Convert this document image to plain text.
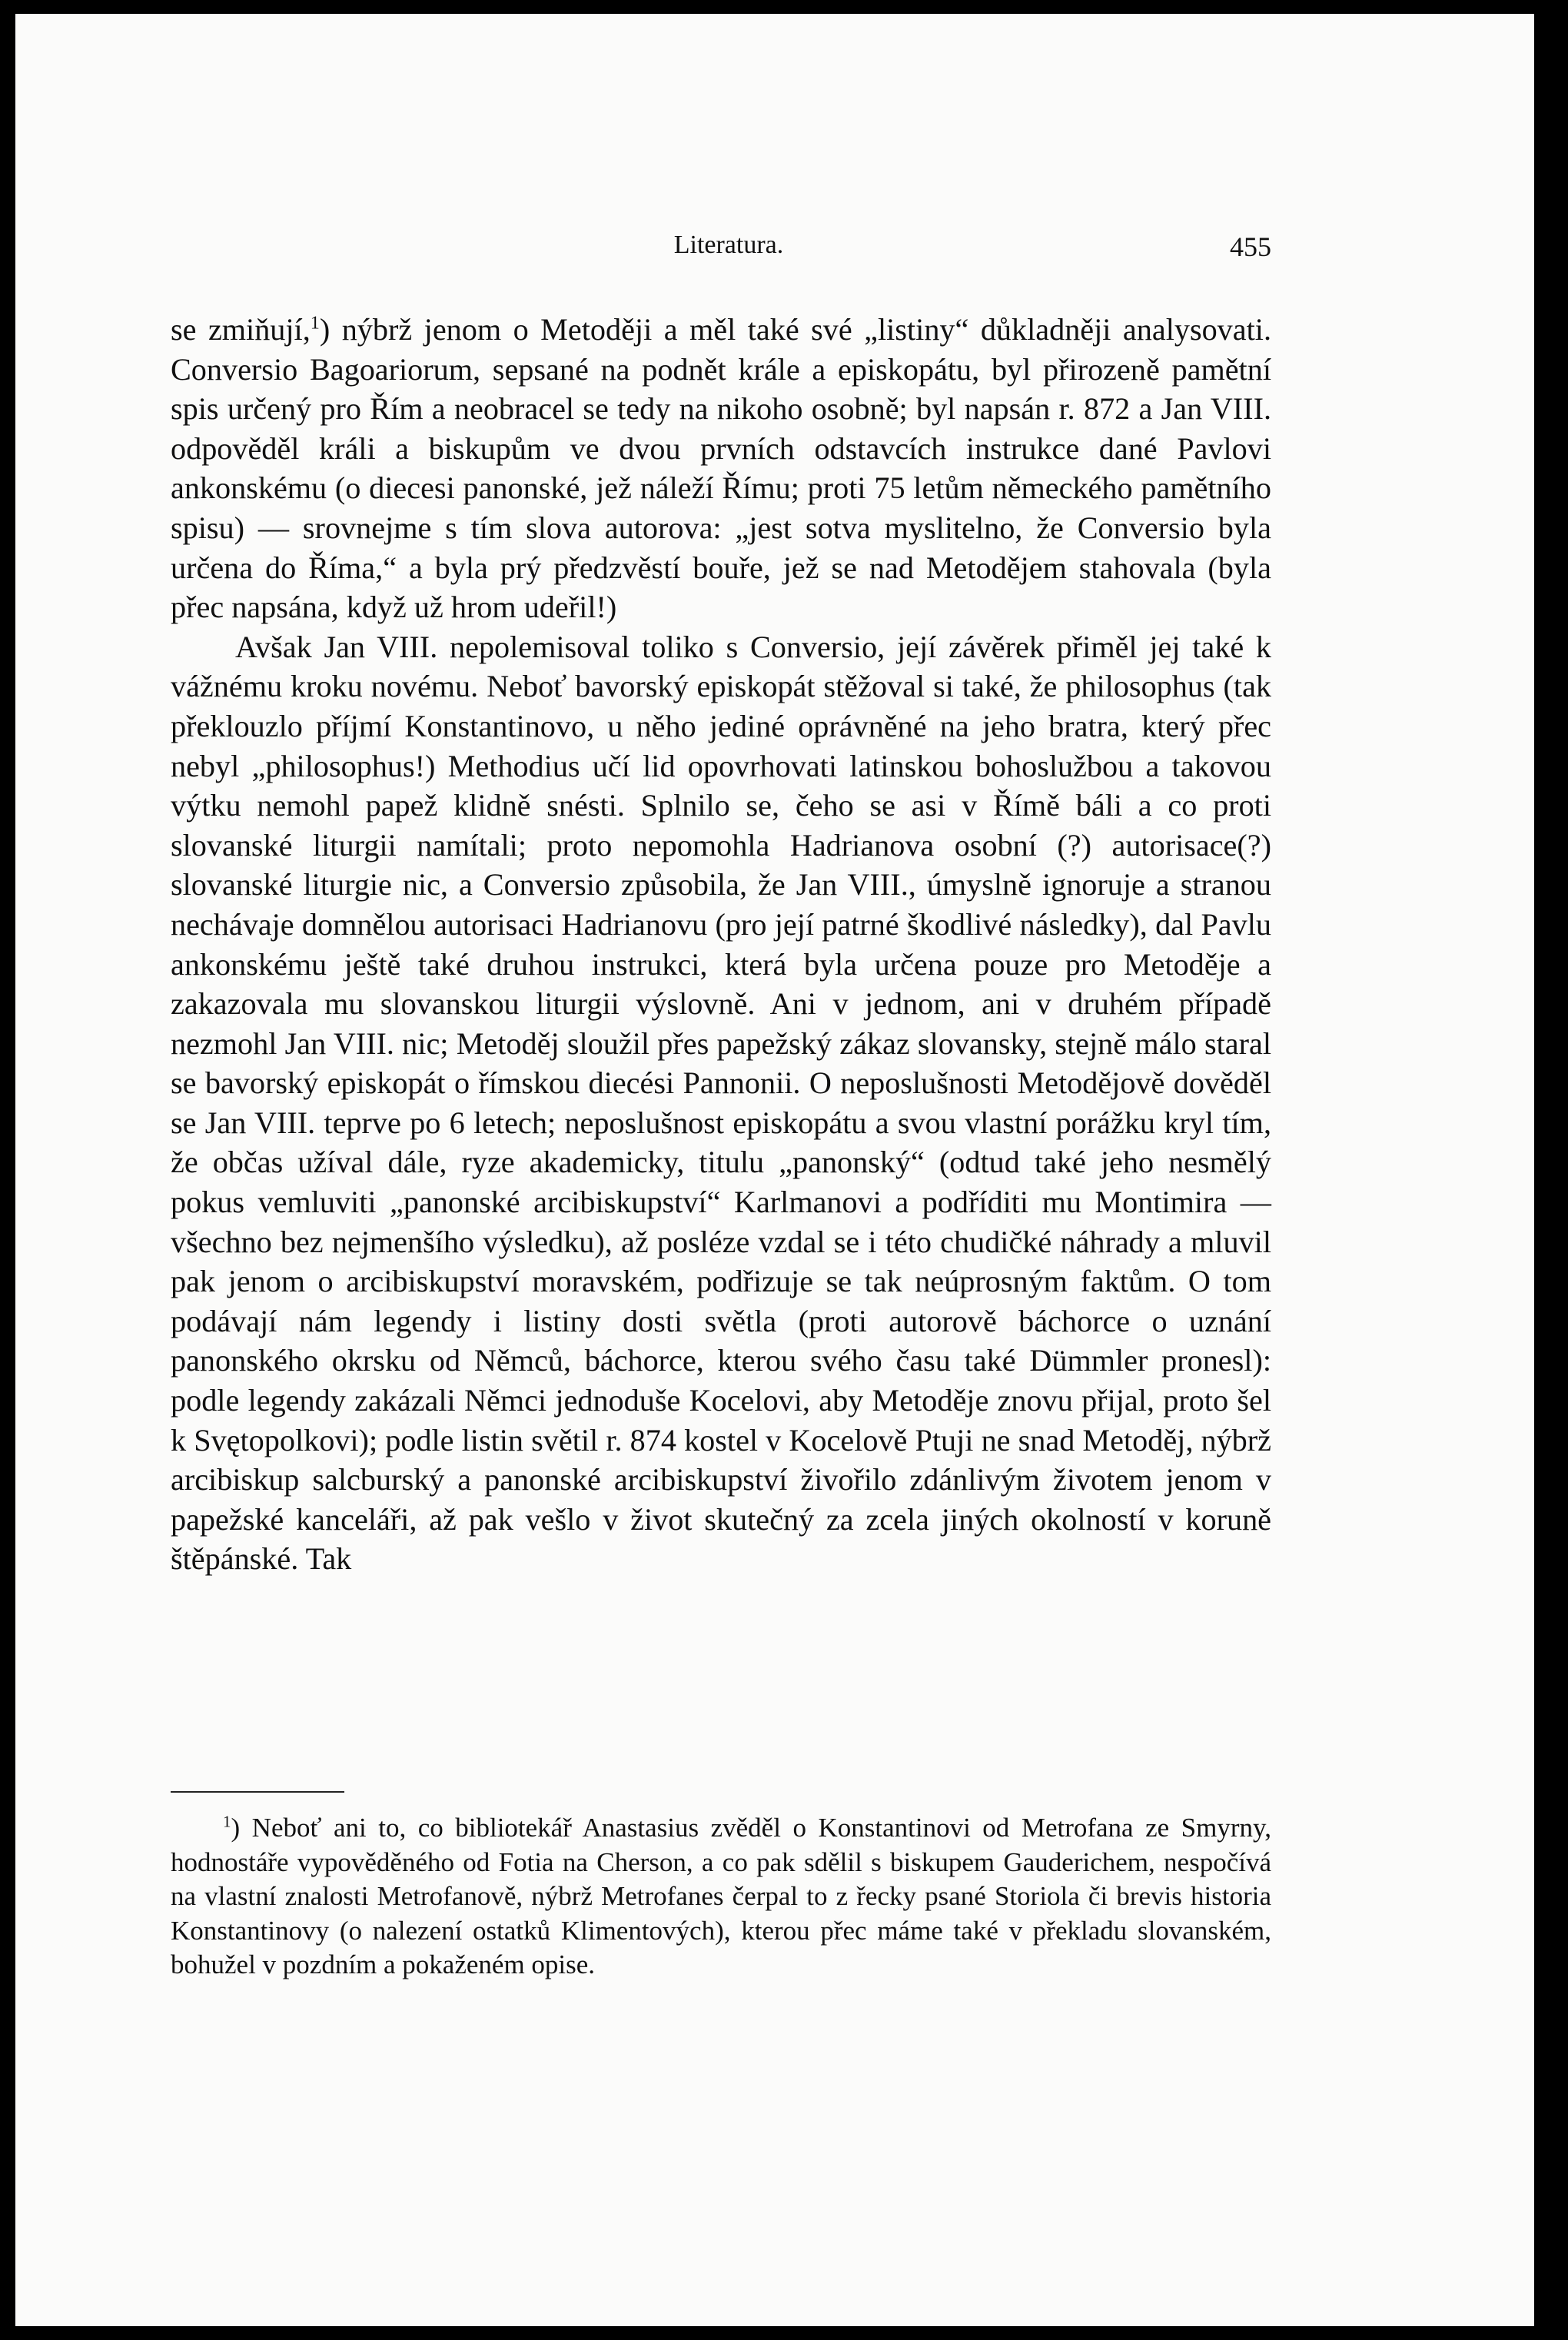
Literatura.	455

se zmiňují,$^1$) nýbrž jenom o Metoději a měl také své „listiny“ důkladněji analysovati. Conversio Bagoariorum, sepsané na podnět krále a episkopátu, byl přirozeně pamětní spis určený pro Řím a neobracel se tedy na nikoho osobně; byl napsán r. 872 a Jan VIII. odpověděl králi a biskupům ve dvou prvních odstavcích instrukce dané Pavlovi ankonskému (o diecesi panonské, jež náleží Římu; proti 75 letům německého pamětního spisu) — srovnejme s tím slova autorova: „jest sotva myslitelno, že Conversio byla určena do Říma,“ a byla prý předzvěstí bouře, jež se nad Metodějem stahovala (byla přec napsána, když už hrom udeřil!)

Avšak Jan VIII. nepolemisoval toliko s Conversio, její závěrek přiměl jej také k vážnému kroku novému. Neboť bavorský episkopát stěžoval si také, že philosophus (tak překlouzlo příjmí Konstantinovo, u něho jediné oprávněné na jeho bratra, který přec nebyl „philosophus!) Methodius učí lid opovrhovati latinskou bohoslužbou a takovou výtku nemohl papež klidně snésti. Splnilo se, čeho se asi v Římě báli a co proti slovanské liturgii namítali; proto nepomohla Hadrianova osobní (?) autorisace(?) slovanské liturgie nic, a Conversio způsobila, že Jan VIII., úmyslně ignoruje a stranou nechávaje domnělou autorisaci Hadrianovu (pro její patrné škodlivé následky), dal Pavlu ankonskému ještě také druhou instrukci, která byla určena pouze pro Metoděje a zakazovala mu slovanskou liturgii výslovně. Ani v jednom, ani v druhém případě nezmohl Jan VIII. nic; Metoděj sloužil přes papežský zákaz slovansky, stejně málo staral se bavorský episkopát o římskou diecési Pannonii. O neposlušnosti Metodějově dověděl se Jan VIII. teprve po 6 letech; neposlušnost episkopátu a svou vlastní porážku kryl tím, že občas užíval dále, ryze akademicky, titulu „panonský“ (odtud také jeho nesmělý pokus vemluviti „panonské arcibiskupství“ Karlmanovi a podříditi mu Montimira — všechno bez nejmenšího výsledku), až posléze vzdal se i této chudičké náhrady a mluvil pak jenom o arcibiskupství moravském, podřizuje se tak neúprosným faktům. O tom podávají nám legendy i listiny dosti světla (proti autorově báchorce o uznání panonského okrsku od Němců, báchorce, kterou svého času také Dümmler pronesl): podle legendy zakázali Němci jednoduše Kocelovi, aby Metoděje znovu přijal, proto šel k Svętopolkovi); podle listin světil r. 874 kostel v Kocelově Ptuji ne snad Metoděj, nýbrž arcibiskup salcburský a panonské arcibiskupství živořilo zdánlivým životem jenom v papežské kanceláři, až pak vešlo v život skutečný za zcela jiných okolností v koruně štěpánské. Tak

$^1$) Neboť ani to, co bibliotekář Anastasius zvěděl o Konstantinovi od Metrofana ze Smyrny, hodnostáře vypověděného od Fotia na Cherson, a co pak sdělil s biskupem Gauderichem, nespočívá na vlastní znalosti Metrofanově, nýbrž Metrofanes čerpal to z řecky psané Storiola či brevis historia Konstantinovy (o nalezení ostatků Klimentových), kterou přec máme také v překladu slovanském, bohužel v pozdním a pokaženém opise.
